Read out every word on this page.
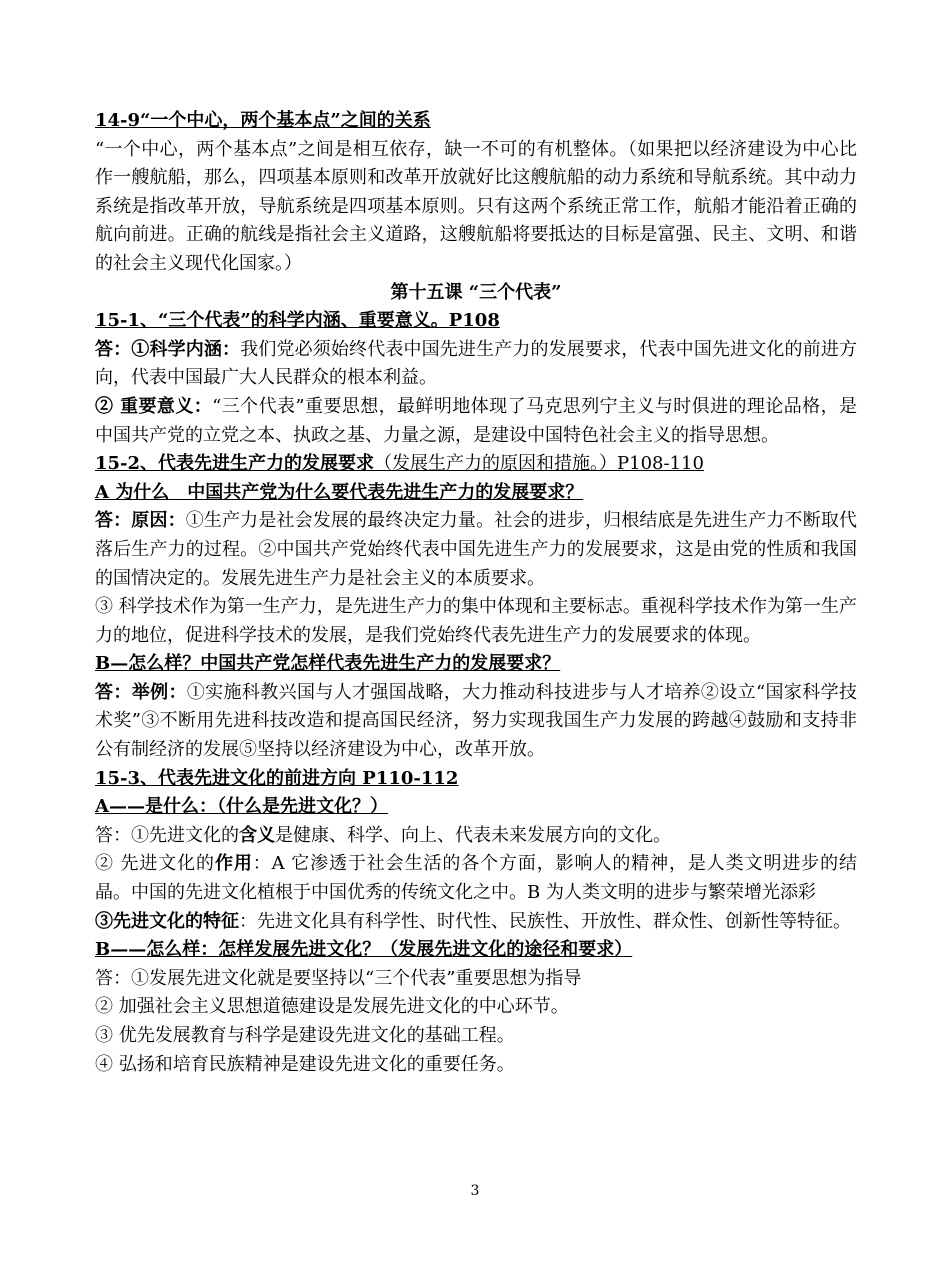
14-9“一个中心，两个基本点”之间的关系

“一个中心，两个基本点”之间是相互依存，缺一不可的有机整体。（如果把以经济建设为中心比作一艘航船，那么，四项基本原则和改革开放就好比这艘航船的动力系统和导航系统。其中动力系统是指改革开放，导航系统是四项基本原则。只有这两个系统正常工作，航船才能沿着正确的航向前进。正确的航线是指社会主义道路，这艘航船将要抵达的目标是富强、民主、文明、和谐的社会主义现代化国家。）

第十五课 “三个代表”

15-1、“三个代表”的科学内涵、重要意义。P108

答：①科学内涵：我们党必须始终代表中国先进生产力的发展要求，代表中国先进文化的前进方向，代表中国最广大人民群众的根本利益。

② 重要意义：“三个代表”重要思想，最鲜明地体现了马克思列宁主义与时俱进的理论品格，是中国共产党的立党之本、执政之基、力量之源，是建设中国特色社会主义的指导思想。

15-2、代表先进生产力的发展要求（发展生产力的原因和措施。）P108-110

A 为什么　中国共产党为什么要代表先进生产力的发展要求？

答：原因：①生产力是社会发展的最终决定力量。社会的进步，归根结底是先进生产力不断取代落后生产力的过程。②中国共产党始终代表中国先进生产力的发展要求，这是由党的性质和我国的国情决定的。发展先进生产力是社会主义的本质要求。

③ 科学技术作为第一生产力，是先进生产力的集中体现和主要标志。重视科学技术作为第一生产力的地位，促进科学技术的发展，是我们党始终代表先进生产力的发展要求的体现。

B—怎么样？中国共产党怎样代表先进生产力的发展要求？

答：举例：①实施科教兴国与人才强国战略，大力推动科技进步与人才培养②设立“国家科学技术奖”③不断用先进科技改造和提高国民经济，努力实现我国生产力发展的跨越④鼓励和支持非公有制经济的发展⑤坚持以经济建设为中心，改革开放。

15-3、代表先进文化的前进方向 P110-112

A——是什么：（什么是先进文化？）

答：①先进文化的含义是健康、科学、向上、代表未来发展方向的文化。

② 先进文化的作用：A 它渗透于社会生活的各个方面，影响人的精神，是人类文明进步的结晶。中国的先进文化植根于中国优秀的传统文化之中。B 为人类文明的进步与繁荣增光添彩

③先进文化的特征：先进文化具有科学性、时代性、民族性、开放性、群众性、创新性等特征。

B——怎么样：怎样发展先进文化？（发展先进文化的途径和要求）

答：①发展先进文化就是要坚持以“三个代表”重要思想为指导

② 加强社会主义思想道德建设是发展先进文化的中心环节。

③ 优先发展教育与科学是建设先进文化的基础工程。

④ 弘扬和培育民族精神是建设先进文化的重要任务。

3
